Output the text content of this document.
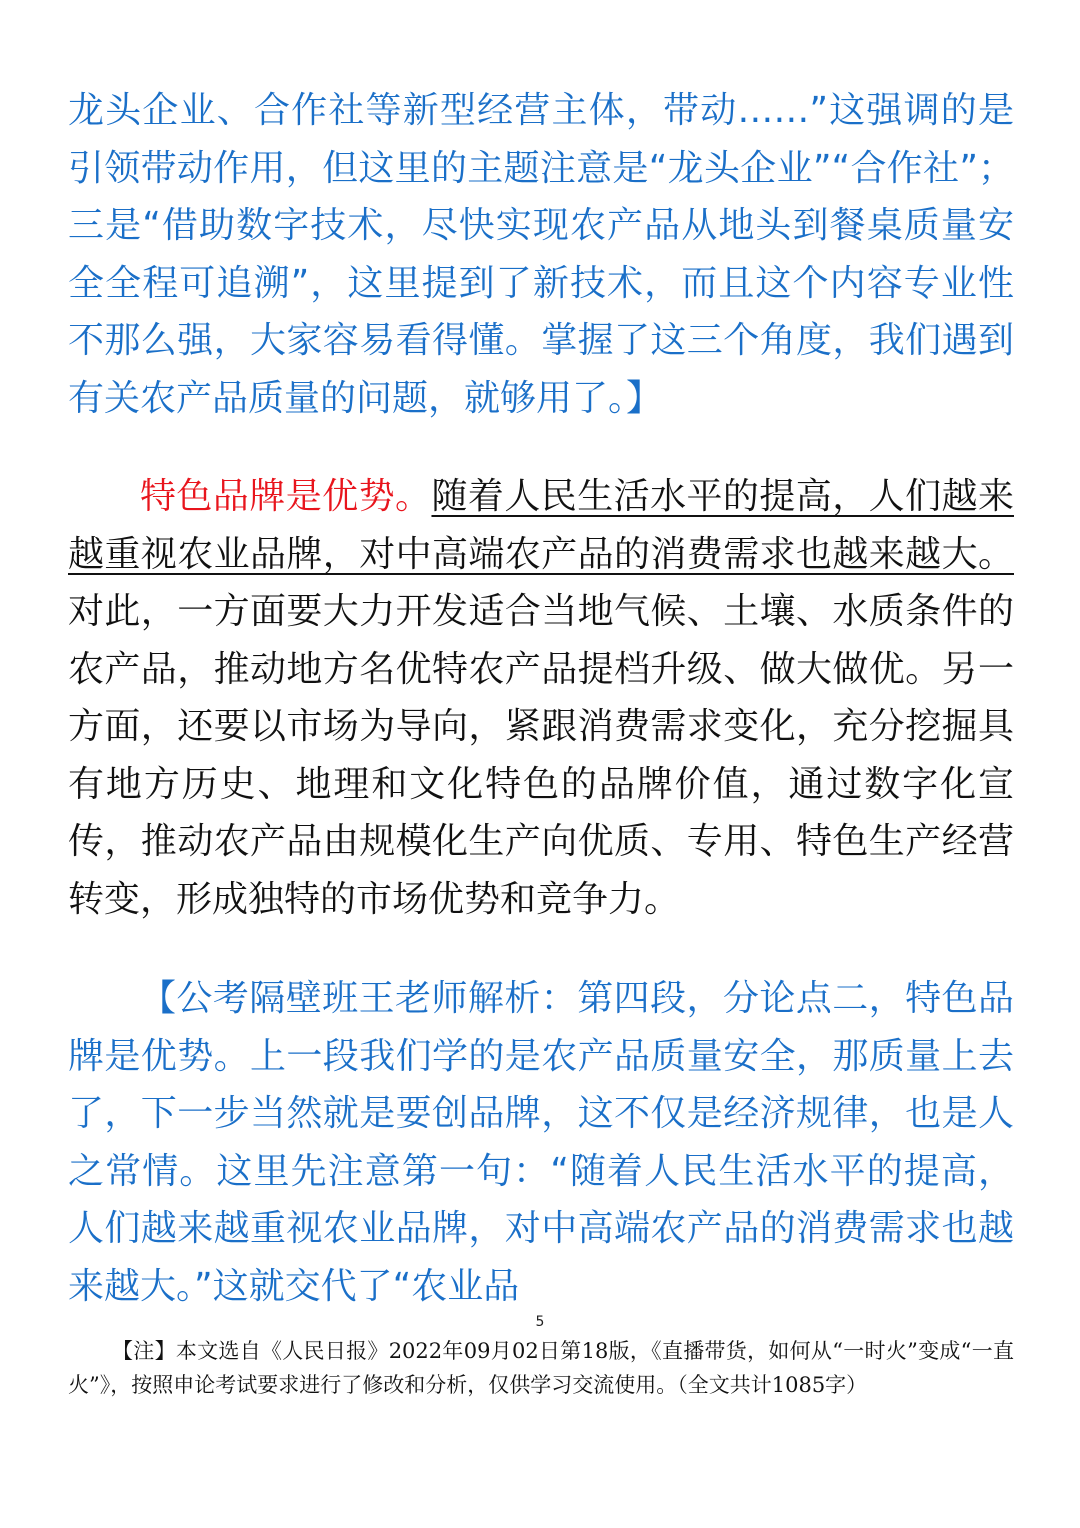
龙头企业、合作社等新型经营主体，带动……”这强调的是引领带动作用，但这里的主题注意是“龙头企业”“合作社”；三是“借助数字技术，尽快实现农产品从地头到餐桌质量安全全程可追溯”，这里提到了新技术，而且这个内容专业性不那么强，大家容易看得懂。掌握了这三个角度，我们遇到有关农产品质量的问题，就够用了。】

特色品牌是优势。随着人民生活水平的提高，人们越来越重视农业品牌，对中高端农产品的消费需求也越来越大。对此，一方面要大力开发适合当地气候、土壤、水质条件的农产品，推动地方名优特农产品提档升级、做大做优。另一方面，还要以市场为导向，紧跟消费需求变化，充分挖掘具有地方历史、地理和文化特色的品牌价值，通过数字化宣传，推动农产品由规模化生产向优质、专用、特色生产经营转变，形成独特的市场优势和竞争力。

【公考隔壁班王老师解析：第四段，分论点二，特色品牌是优势。上一段我们学的是农产品质量安全，那质量上去了，下一步当然就是要创品牌，这不仅是经济规律，也是人之常情。这里先注意第一句：“随着人民生活水平的提高，人们越来越重视农业品牌，对中高端农产品的消费需求也越来越大。”这就交代了“农业品

5

【注】本文选自《人民日报》2022年09月02日第18版，《直播带货，如何从“一时火”变成“一直火”》，按照申论考试要求进行了修改和分析，仅供学习交流使用。（全文共计1085字）
